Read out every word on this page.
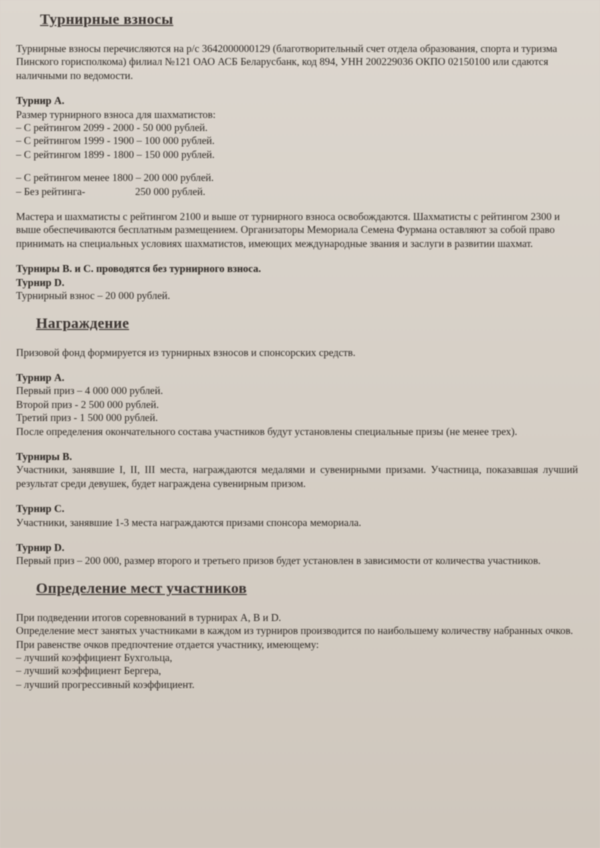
Турнирные взносы

Турнирные взносы перечисляются на р/с 3642000000129 (благотворительный счет отдела образования, спорта и туризма Пинского горисполкома) филиал №121 ОАО АСБ Беларусбанк, код 894, УНН 200229036 ОКПО 02150100 или сдаются наличными по ведомости.

Турнир А.

Размер турнирного взноса для шахматистов:

– С рейтингом 2099 - 2000 - 50 000 рублей.
– С рейтингом 1999 - 1900 – 100 000 рублей.
– С рейтингом 1899 - 1800 – 150 000 рублей.
– С рейтингом менее 1800 – 200 000 рублей.
– Без рейтинга-                   250 000 рублей.

Мастера и шахматисты с рейтингом 2100 и выше от турнирного взноса освобождаются. Шахматисты с рейтингом 2300 и выше обеспечиваются бесплатным размещением. Организаторы Мемориала Семена Фурмана оставляют за собой право принимать на специальных условиях шахматистов, имеющих международные звания и заслуги в развитии шахмат.

Турниры В. и С. проводятся без турнирного взноса.

Турнир D.

Турнирный взнос – 20 000 рублей.

Награждение

Призовой фонд формируется из турнирных взносов и спонсорских средств.

Турнир А.

Первый приз – 4 000 000 рублей.
Второй приз - 2 500 000 рублей.
Третий приз - 1 500 000 рублей.

После определения окончательного состава участников будут установлены специальные призы (не менее трех).

Турниры В.

Участники, занявшие I, II, III места, награждаются медалями и сувенирными призами. Участница, показавшая лучший результат среди девушек, будет награждена сувенирным призом.

Турнир С.

Участники, занявшие 1-3 места награждаются призами спонсора мемориала.

Турнир D.

Первый приз – 200 000, размер второго и третьего призов будет установлен в зависимости от количества участников.

Определение мест участников

При подведении итогов соревнований в турнирах А, В и D.

Определение мест занятых участниками в каждом из турниров производится по наибольшему количеству набранных очков. При равенстве очков предпочтение отдается участнику, имеющему:

– лучший коэффициент Бухгольца,
– лучший коэффициент Бергера,
– лучший прогрессивный коэффициент.
